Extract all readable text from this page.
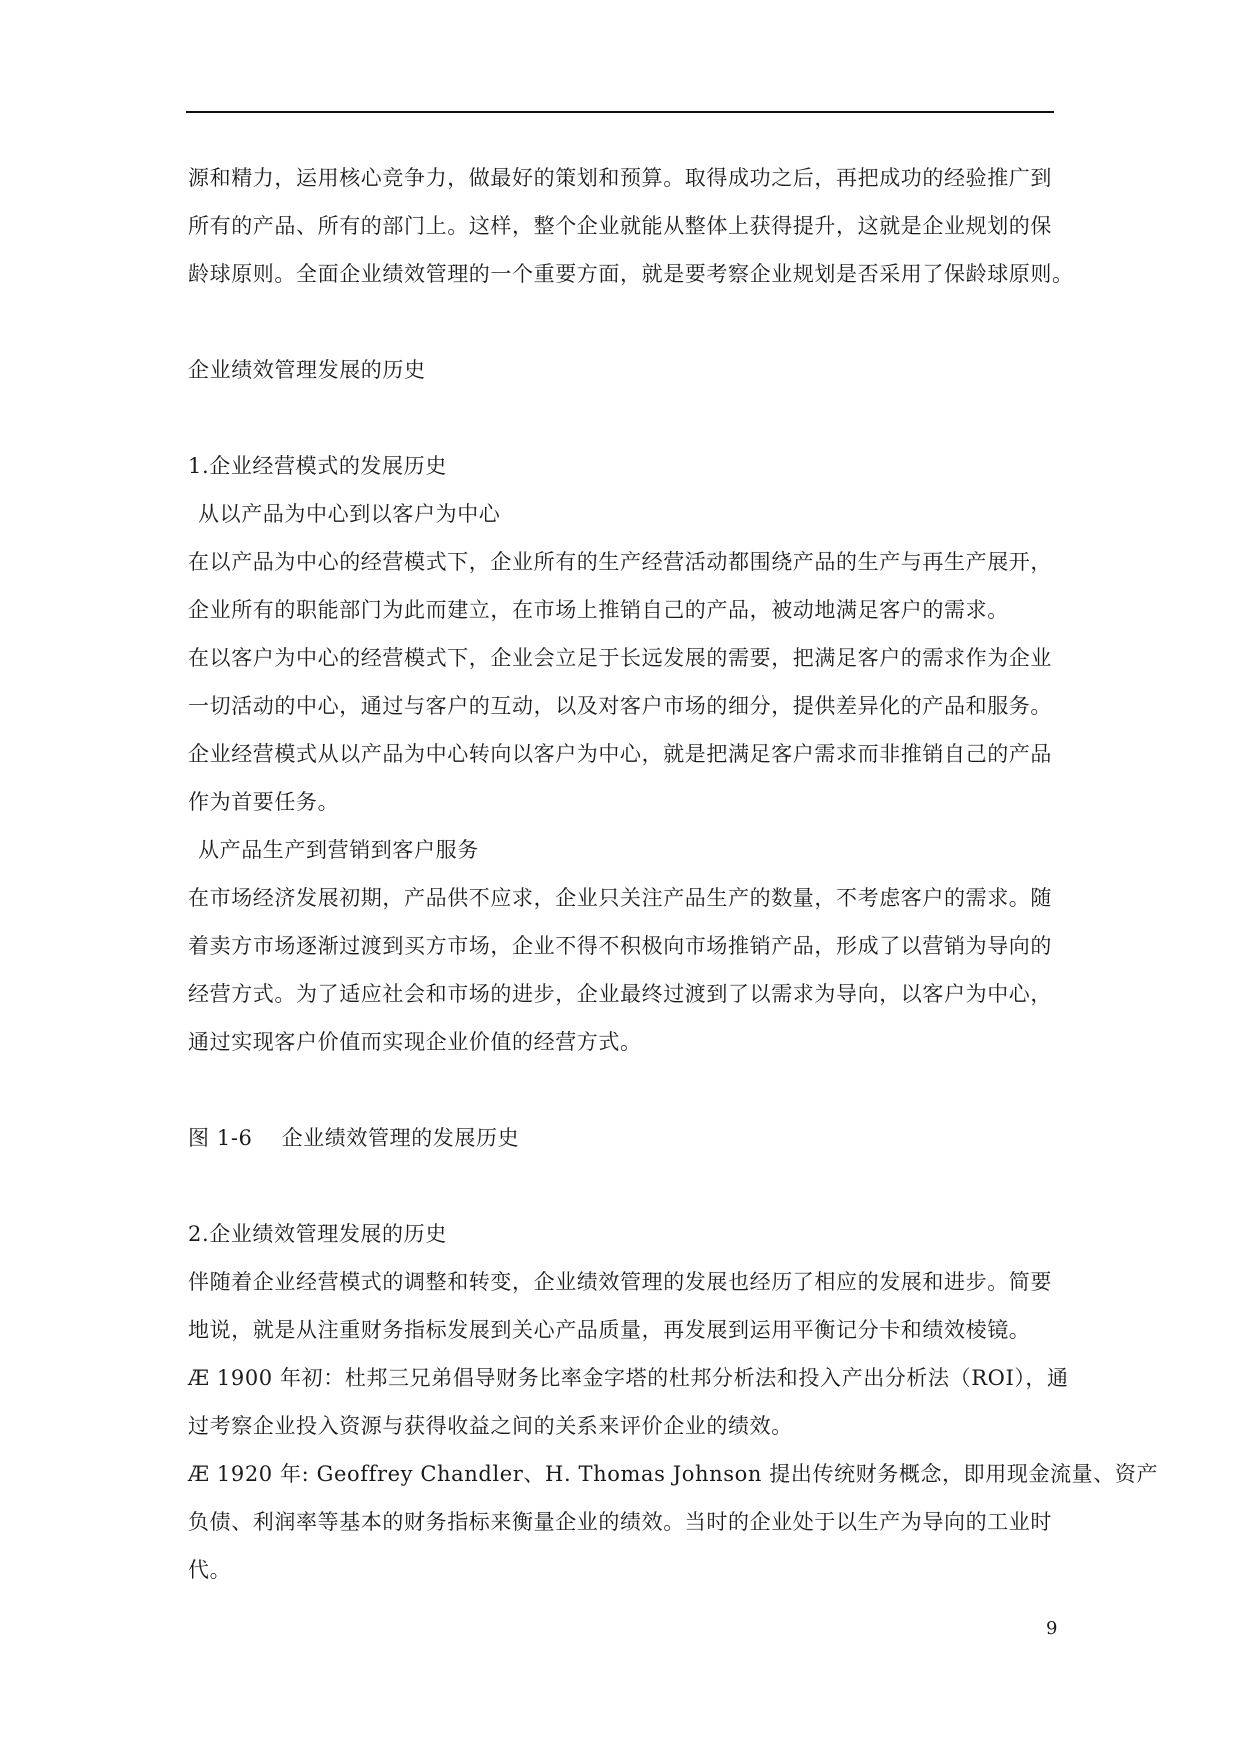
源和精力，运用核心竞争力，做最好的策划和预算。取得成功之后，再把成功的经验推广到
所有的产品、所有的部门上。这样，整个企业就能从整体上获得提升，这就是企业规划的保
龄球原则。全面企业绩效管理的一个重要方面，就是要考察企业规划是否采用了保龄球原则。
企业绩效管理发展的历史
1.企业经营模式的发展历史
从以产品为中心到以客户为中心
在以产品为中心的经营模式下，企业所有的生产经营活动都围绕产品的生产与再生产展开，
企业所有的职能部门为此而建立，在市场上推销自己的产品，被动地满足客户的需求。
在以客户为中心的经营模式下，企业会立足于长远发展的需要，把满足客户的需求作为企业
一切活动的中心，通过与客户的互动，以及对客户市场的细分，提供差异化的产品和服务。
企业经营模式从以产品为中心转向以客户为中心，就是把满足客户需求而非推销自己的产品
作为首要任务。
从产品生产到营销到客户服务
在市场经济发展初期，产品供不应求，企业只关注产品生产的数量，不考虑客户的需求。随
着卖方市场逐渐过渡到买方市场，企业不得不积极向市场推销产品，形成了以营销为导向的
经营方式。为了适应社会和市场的进步，企业最终过渡到了以需求为导向，以客户为中心，
通过实现客户价值而实现企业价值的经营方式。
图 1-6    企业绩效管理的发展历史
2.企业绩效管理发展的历史
伴随着企业经营模式的调整和转变，企业绩效管理的发展也经历了相应的发展和进步。简要
地说，就是从注重财务指标发展到关心产品质量，再发展到运用平衡记分卡和绩效棱镜。
Æ 1900 年初：杜邦三兄弟倡导财务比率金字塔的杜邦分析法和投入产出分析法（ROI），通
过考察企业投入资源与获得收益之间的关系来评价企业的绩效。
Æ 1920 年: Geoffrey Chandler、H. Thomas Johnson 提出传统财务概念，即用现金流量、资产
负债、利润率等基本的财务指标来衡量企业的绩效。当时的企业处于以生产为导向的工业时
代。
9
